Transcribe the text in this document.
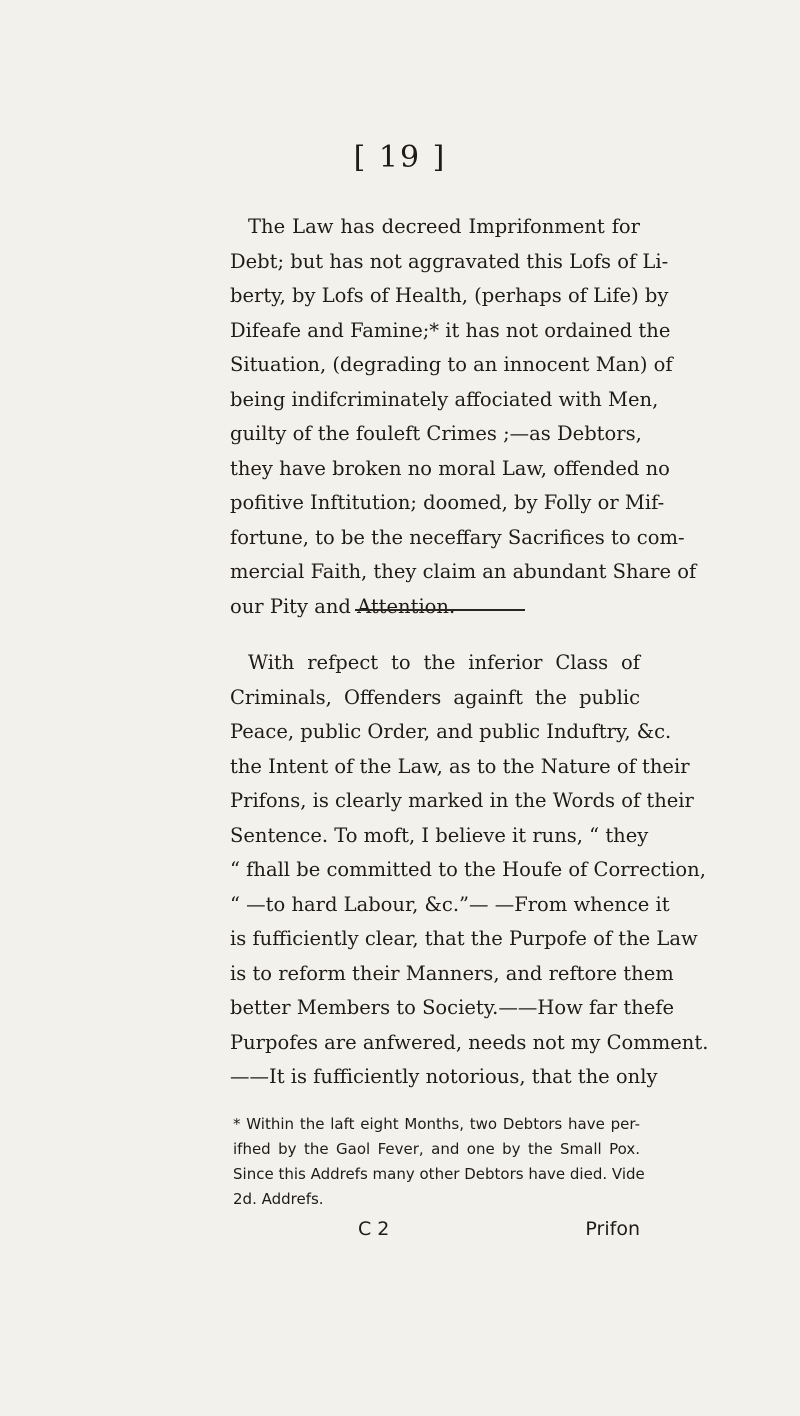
[ 19 ]
The Law has decreed Imprifonment for
Debt; but has not aggravated this Lofs of Li-
berty, by Lofs of Health, (perhaps of Life) by
Difeafe and Famine;* it has not ordained the
Situation, (degrading to an innocent Man) of
being indifcriminately affociated with Men,
guilty of the fouleft Crimes ;—as Debtors,
they have broken no moral Law, offended no
pofitive Inftitution; doomed, by Folly or Mif-
fortune, to be the neceffary Sacrifices to com-
mercial Faith, they claim an abundant Share of
our Pity and Attention.
With refpect to the inferior Class of
Criminals, Offenders againft the public
Peace, public Order, and public Induftry, &c.
the Intent of the Law, as to the Nature of their
Prifons, is clearly marked in the Words of their
Sentence. To moft, I believe it runs, “ they
“ fhall be committed to the Houfe of Correction,
“ —to hard Labour, &c.”— —From whence it
is fufficiently clear, that the Purpofe of the Law
is to reform their Manners, and reftore them
better Members to Society.——How far thefe
Purpofes are anfwered, needs not my Comment.
——It is fufficiently notorious, that the only
* Within the laft eight Months, two Debtors have per-
ifhed by the Gaol Fever, and one by the Small Pox.
Since this Addrefs many other Debtors have died. Vide
2d. Addrefs.
C 2	Prifon
